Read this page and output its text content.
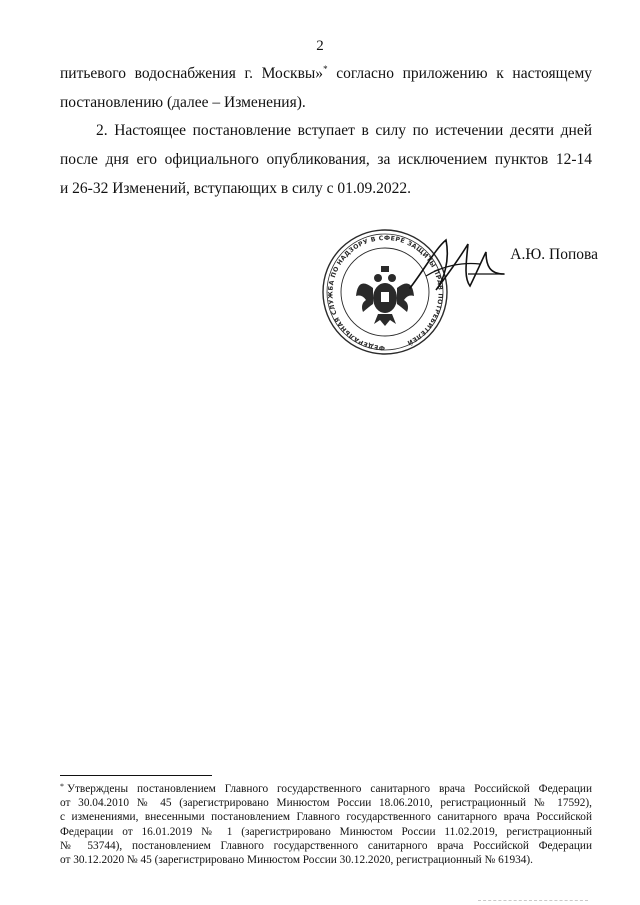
2
питьевого водоснабжения г. Москвы»* согласно приложению к настоящему
постановлению (далее – Изменения).
2. Настоящее постановление вступает в силу по истечении десяти дней
после дня его официального опубликования, за исключением пунктов 12-14
и 26-32 Изменений, вступающих в силу с 01.09.2022.
ФЕДЕРАЛЬНАЯ СЛУЖБА ПО НАДЗОРУ В СФЕРЕ ЗАЩИТЫ ПРАВ ПОТРЕБИТЕЛЕЙ
А.Ю. Попова
* Утверждены постановлением Главного государственного санитарного врача Российской Федерации
от 30.04.2010 № 45 (зарегистрировано Минюстом России 18.06.2010, регистрационный № 17592),
с изменениями, внесенными постановлением Главного государственного санитарного врача Российской
Федерации от 16.01.2019 № 1 (зарегистрировано Минюстом России 11.02.2019, регистрационный
№ 53744), постановлением Главного государственного санитарного врача Российской Федерации
от 30.12.2020 № 45 (зарегистрировано Минюстом России 30.12.2020, регистрационный № 61934).
